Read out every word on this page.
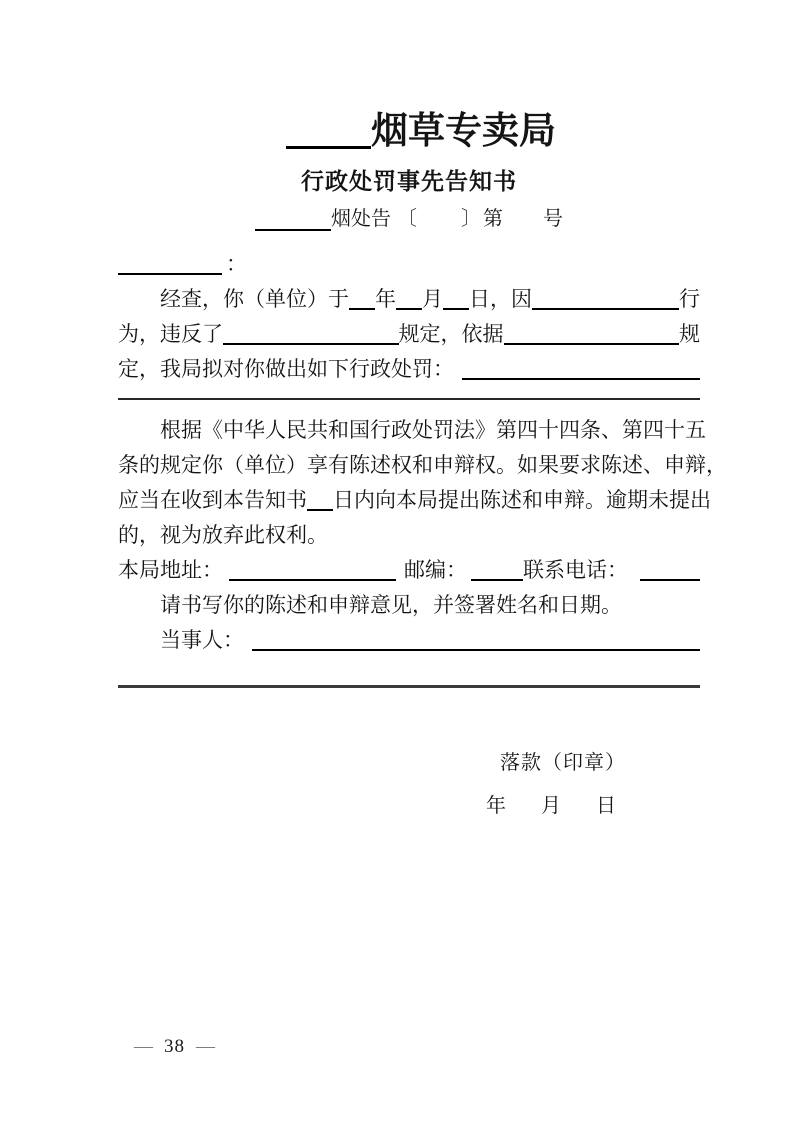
烟草专卖局
行政处罚事先告知书
烟处告 〔 〕 第 号
：
经查，你（单位）于 年 月 日，因	行
为，违反了	规定，依据	规
定，我局拟对你做出如下行政处罚：
根据《中华人民共和国行政处罚法》第四十四条、第四十五
条的规定你（单位）享有陈述权和申辩权。如果要求陈述、申辩，
应当在收到本告知书 日内向本局提出陈述和申辩。逾期未提出
的，视为放弃此权利。
本局地址：	邮编：	联系电话：
请书写你的陈述和申辩意见，并签署姓名和日期。
当事人：
落款（印章）
年 月 日
— 38 —
